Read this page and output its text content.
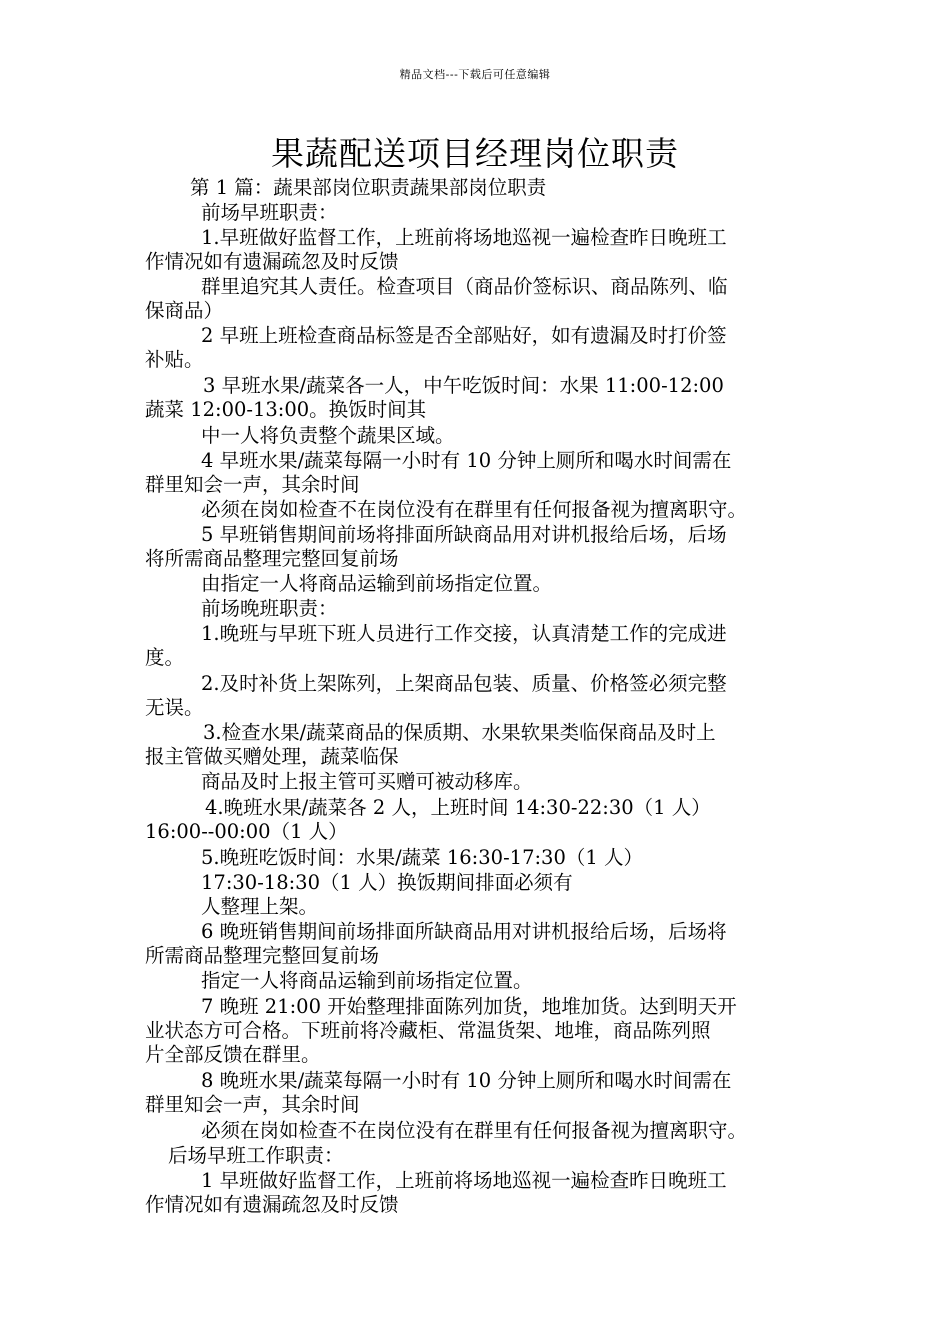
精品文档---下载后可任意编辑
果蔬配送项目经理岗位职责
第 1 篇：蔬果部岗位职责蔬果部岗位职责
前场早班职责：
1.早班做好监督工作，上班前将场地巡视一遍检查昨日晚班工
作情况如有遗漏疏忽及时反馈
群里追究其人责任。检查项目（商品价签标识、商品陈列、临
保商品）
2 早班上班检查商品标签是否全部贴好，如有遗漏及时打价签
补贴。
3 早班水果/蔬菜各一人，中午吃饭时间：水果 11:00-12:00
蔬菜 12:00-13:00。换饭时间其
中一人将负责整个蔬果区域。
4 早班水果/蔬菜每隔一小时有 10 分钟上厕所和喝水时间需在
群里知会一声，其余时间
必须在岗如检查不在岗位没有在群里有任何报备视为擅离职守。
5 早班销售期间前场将排面所缺商品用对讲机报给后场，后场
将所需商品整理完整回复前场
由指定一人将商品运输到前场指定位置。
前场晚班职责：
1.晚班与早班下班人员进行工作交接，认真清楚工作的完成进
度。
2.及时补货上架陈列，上架商品包装、质量、价格签必须完整
无误。
3.检查水果/蔬菜商品的保质期、水果软果类临保商品及时上
报主管做买赠处理，蔬菜临保
商品及时上报主管可买赠可被动移库。
4.晚班水果/蔬菜各 2 人，上班时间 14:30-22:30（1 人）
16:00--00:00（1 人）
5.晚班吃饭时间：水果/蔬菜 16:30-17:30（1 人）
17:30-18:30（1 人）换饭期间排面必须有
人整理上架。
6 晚班销售期间前场排面所缺商品用对讲机报给后场，后场将
所需商品整理完整回复前场
指定一人将商品运输到前场指定位置。
7 晚班 21:00 开始整理排面陈列加货，地堆加货。达到明天开
业状态方可合格。下班前将冷藏柜、常温货架、地堆，商品陈列照
片全部反馈在群里。
8 晚班水果/蔬菜每隔一小时有 10 分钟上厕所和喝水时间需在
群里知会一声，其余时间
必须在岗如检查不在岗位没有在群里有任何报备视为擅离职守。
后场早班工作职责：
1 早班做好监督工作，上班前将场地巡视一遍检查昨日晚班工
作情况如有遗漏疏忽及时反馈
